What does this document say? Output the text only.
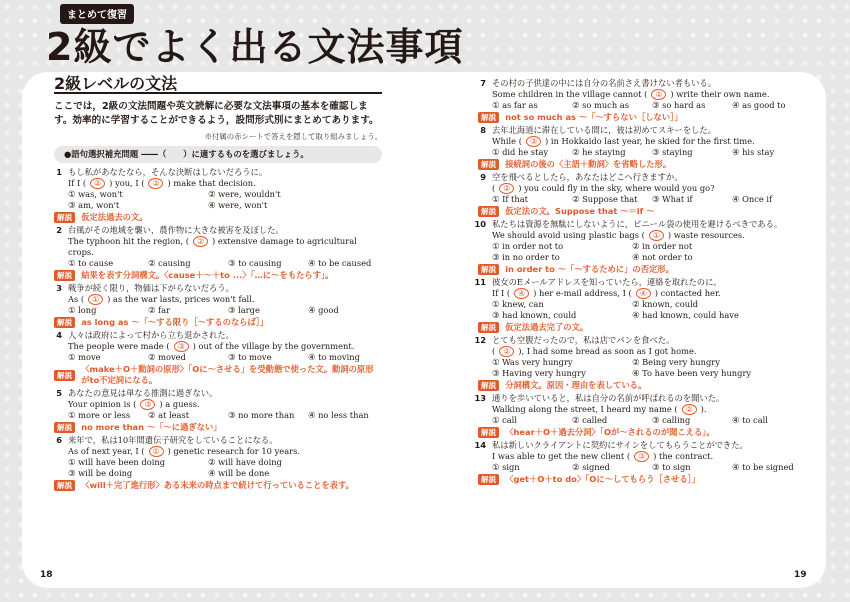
まとめて復習
2級でよく出る文法事項
18	19
2級レベルの文法
ここでは，2級の文法問題や英文読解に必要な文法事項の基本を確認します。効率的に学習することができるよう，設問形式別にまとめてあります。
※付属の赤シートで答えを隠して取り組みましょう。
●語句選択補充問題 ――（　　）に適するものを選びましょう。
1 もし私があなたなら，そんな決断はしないだろうに。
If I ( ② ) you, I ( ② ) make that decision.
① was, won't	② were, wouldn't
③ am, won't	④ were, won't
解説	仮定法過去の文。
2 台風がその地域を襲い，農作物に大きな被害を及ぼした。
The typhoon hit the region, ( ② ) extensive damage to agricultural
crops.
① to cause	② causing	③ to causing	④ to be caused
解説	結果を表す分詞構文。〈cause＋～＋to ...〉「…に～をもたらす」。
3 戦争が続く限り，物価は下がらないだろう。
As ( ① ) as the war lasts, prices won't fall.
① long	② far	③ large	④ good
解説	as long as ～「～する限り［～するのならば］」
4 人々は政府によって村から立ち退かされた。
The people were made ( ③ ) out of the village by the government.
① move	② moved	③ to move	④ to moving
解説
〈make＋O＋動詞の原形〉「Oに～させる」を受動態で使った文。動詞の原形がto不定詞になる。
5 あなたの意見は単なる推測に過ぎない。
Your opinion is ( ③ ) a guess.
① more or less	② at least	③ no more than	④ no less than
解説	no more than ～「～に過ぎない」
6 来年で，私は10年間遺伝子研究をしていることになる。
As of next year, I ( ① ) genetic research for 10 years.
① will have been doing	② will have doing
③ will be doing	④ will be done
解説	〈will＋完了進行形〉ある未来の時点まで続けて行っていることを表す。
7 その村の子供達の中には自分の名前さえ書けない者もいる。
Some children in the village cannot ( ② ) write their own name.
① as far as	② so much as	③ so hard as	④ as good to
解説	not so much as ～「～すらない［しない］」
8 去年北海道に滞在している間に，彼は初めてスキーをした。
While ( ③ ) in Hokkaido last year, he skied for the first time.
① did he stay	② he staying	③ staying	④ his stay
解説	接続詞の後の〈主語＋動詞〉を省略した形。
9 空を飛べるとしたら，あなたはどこへ行きますか。
( ② ) you could fly in the sky, where would you go?
① If that	② Suppose that	③ What if	④ Once if
解説	仮定法の文。Suppose that ～＝if ～
10 私たちは資源を無駄にしないように，ビニール袋の使用を避けるべきである。
We should avoid using plastic bags ( ① ) waste resources.
① in order not to	② in order not
③ in no order to	④ not order to
解説	in order to ～「～するために」の否定形。
11 彼女のEメールアドレスを知っていたら，連絡を取れたのに。
If I ( ④ ) her e-mail address, I ( ④ ) contacted her.
① knew, can	② known, could
③ had known, could	④ had known, could have
解説	仮定法過去完了の文。
12 とても空腹だったので，私は店でパンを食べた。
( ② ), I had some bread as soon as I got home.
① Was very hungry	② Being very hungry
③ Having very hungry	④ To have been very hungry
解説	分詞構文。原因・理由を表している。
13 通りを歩いていると，私は自分の名前が呼ばれるのを聞いた。
Walking along the street, I heard my name ( ② ).
① call	② called	③ calling	④ to call
解説	〈hear＋O＋過去分詞〉「Oが～されるのが聞こえる」。
14 私は新しいクライアントに契約にサインをしてもらうことができた。
I was able to get the new client ( ③ ) the contract.
① sign	② signed	③ to sign	④ to be signed
解説	〈get＋O＋to do〉「Oに～してもらう［させる］」
